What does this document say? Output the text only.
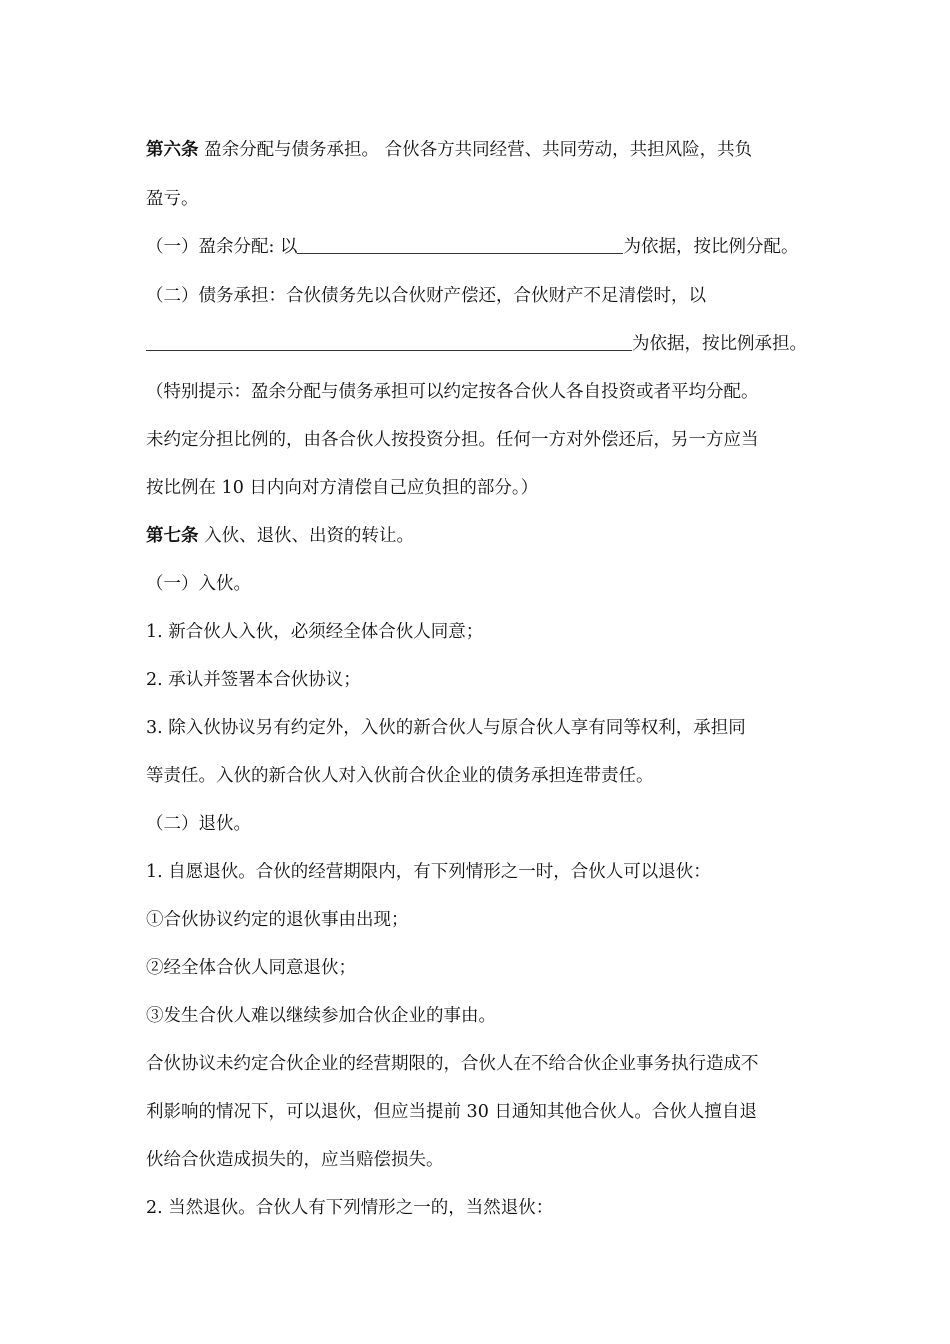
第六条 盈余分配与债务承担。 合伙各方共同经营、共同劳动，共担风险，共负
盈亏。
（一）盈余分配: 以	为依据，按比例分配。
（二）债务承担：合伙债务先以合伙财产偿还，合伙财产不足清偿时，以
为依据，按比例承担。
（特别提示：盈余分配与债务承担可以约定按各合伙人各自投资或者平均分配。
未约定分担比例的，由各合伙人按投资分担。任何一方对外偿还后，另一方应当
按比例在 10 日内向对方清偿自己应负担的部分。）
第七条 入伙、退伙、出资的转让。
（一）入伙。
1. 新合伙人入伙，必须经全体合伙人同意；
2. 承认并签署本合伙协议；
3. 除入伙协议另有约定外，入伙的新合伙人与原合伙人享有同等权利，承担同
等责任。入伙的新合伙人对入伙前合伙企业的债务承担连带责任。
（二）退伙。
1. 自愿退伙。合伙的经营期限内，有下列情形之一时，合伙人可以退伙：
①合伙协议约定的退伙事由出现；
②经全体合伙人同意退伙；
③发生合伙人难以继续参加合伙企业的事由。
合伙协议未约定合伙企业的经营期限的，合伙人在不给合伙企业事务执行造成不
利影响的情况下，可以退伙，但应当提前 30 日通知其他合伙人。合伙人擅自退
伙给合伙造成损失的，应当赔偿损失。
2. 当然退伙。合伙人有下列情形之一的，当然退伙：
